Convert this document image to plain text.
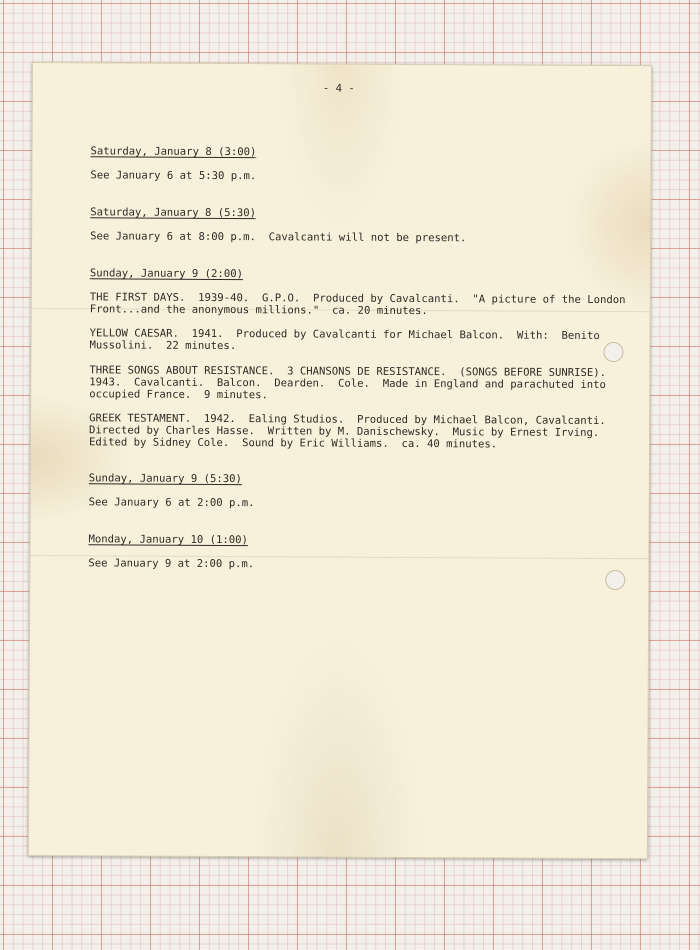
- 4 -
Saturday, January 8 (3:00)
See January 6 at 5:30 p.m.
Saturday, January 8 (5:30)
See January 6 at 8:00 p.m.  Cavalcanti will not be present.
Sunday, January 9 (2:00)
THE FIRST DAYS.  1939-40.  G.P.O.  Produced by Cavalcanti.  "A picture of the London
Front...and the anonymous millions."  ca. 20 minutes.
YELLOW CAESAR.  1941.  Produced by Cavalcanti for Michael Balcon.  With:  Benito
Mussolini.  22 minutes.
THREE SONGS ABOUT RESISTANCE.  3 CHANSONS DE RESISTANCE.  (SONGS BEFORE SUNRISE).
1943.  Cavalcanti.  Balcon.  Dearden.  Cole.  Made in England and parachuted into
occupied France.  9 minutes.
GREEK TESTAMENT.  1942.  Ealing Studios.  Produced by Michael Balcon, Cavalcanti.
Directed by Charles Hasse.  Written by M. Danischewsky.  Music by Ernest Irving.
Edited by Sidney Cole.  Sound by Eric Williams.  ca. 40 minutes.
Sunday, January 9 (5:30)
See January 6 at 2:00 p.m.
Monday, January 10 (1:00)
See January 9 at 2:00 p.m.
